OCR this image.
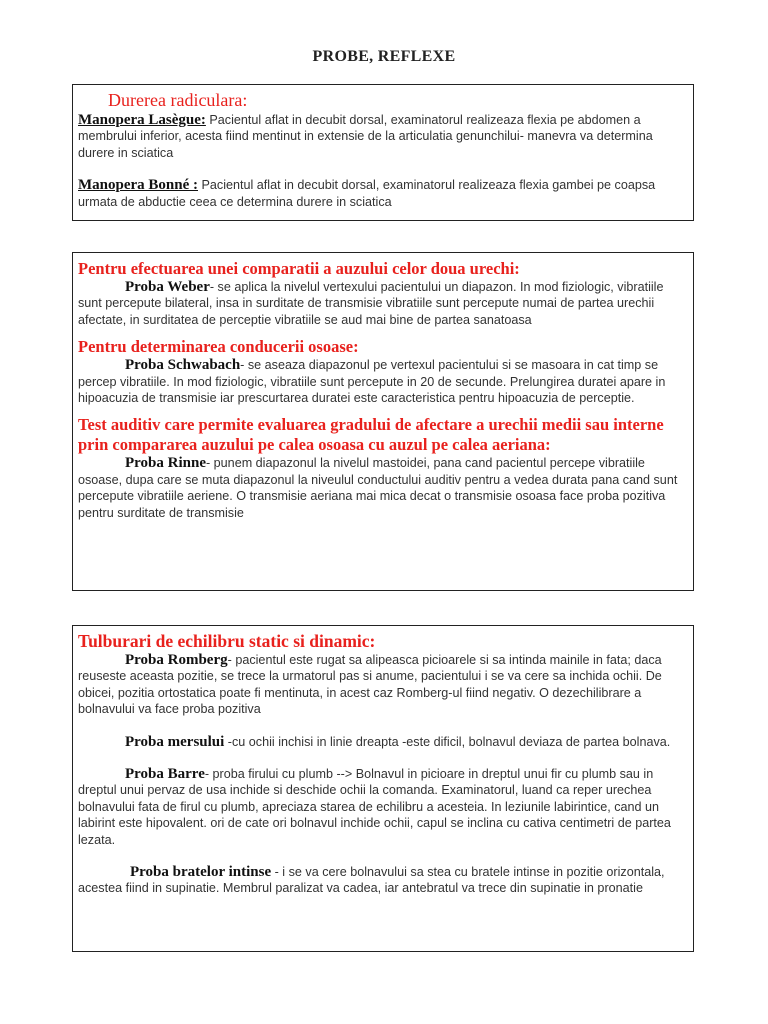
PROBE, REFLEXE
Durerea radiculara:
Manopera Lasègue: Pacientul aflat in decubit dorsal, examinatorul realizeaza flexia pe abdomen a membrului inferior, acesta fiind mentinut in extensie de la articulatia genunchilui- manevra va determina durere in sciatica
Manopera Bonné : Pacientul aflat in decubit dorsal, examinatorul realizeaza flexia gambei pe coapsa urmata de abductie ceea ce determina durere in sciatica
Pentru efectuarea unei comparatii a auzului celor doua urechi:
Proba Weber- se aplica la nivelul vertexului pacientului un diapazon. In mod fiziologic, vibratiile sunt percepute bilateral, insa in surditate de transmisie vibratiile sunt percepute numai de partea urechii afectate, in surditatea de perceptie vibratiile se aud mai bine de partea sanatoasa
Pentru determinarea conducerii osoase:
Proba Schwabach- se aseaza diapazonul pe vertexul pacientului si se masoara in cat timp se percep vibratiile. In mod fiziologic, vibratiile sunt percepute in 20 de secunde. Prelungirea duratei apare in hipoacuzia de transmisie iar prescurtarea duratei este caracteristica pentru hipoacuzia de perceptie.
Test auditiv care permite evaluarea gradului de afectare a urechii medii sau interne prin compararea auzului pe calea osoasa cu auzul pe calea aeriana:
Proba Rinne- punem diapazonul la nivelul mastoidei, pana cand pacientul percepe vibratiile osoase, dupa care se muta diapazonul la niveulul conductului auditiv pentru a vedea durata pana cand sunt percepute vibratiile aeriene. O transmisie aeriana mai mica decat o transmisie osoasa face proba pozitiva pentru surditate de transmisie
Tulburari de echilibru static si dinamic:
Proba Romberg- pacientul este rugat sa alipeasca picioarele si sa intinda mainile in fata; daca reuseste aceasta pozitie, se trece la urmatorul pas si anume, pacientului i se va cere sa inchida ochii. De obicei, pozitia ortostatica poate fi mentinuta, in acest caz Romberg-ul fiind negativ. O dezechilibrare a bolnavului va face proba pozitiva
Proba mersului -cu ochii inchisi in linie dreapta -este dificil, bolnavul deviaza de partea bolnava.
Proba Barre- proba firului cu plumb --> Bolnavul in picioare in dreptul unui fir cu plumb sau in dreptul unui pervaz de usa inchide si deschide ochii la comanda. Examinatorul, luand ca reper urechea bolnavului fata de firul cu plumb, apreciaza starea de echilibru a acesteia. In leziunile labirintice, cand un labirint este hipovalent. ori de cate ori bolnavul inchide ochii, capul se inclina cu cativa centimetri de partea lezata.
Proba bratelor intinse - i se va cere bolnavului sa stea cu bratele intinse in pozitie orizontala, acestea fiind in supinatie. Membrul paralizat va cadea, iar antebratul va trece din supinatie in pronatie
